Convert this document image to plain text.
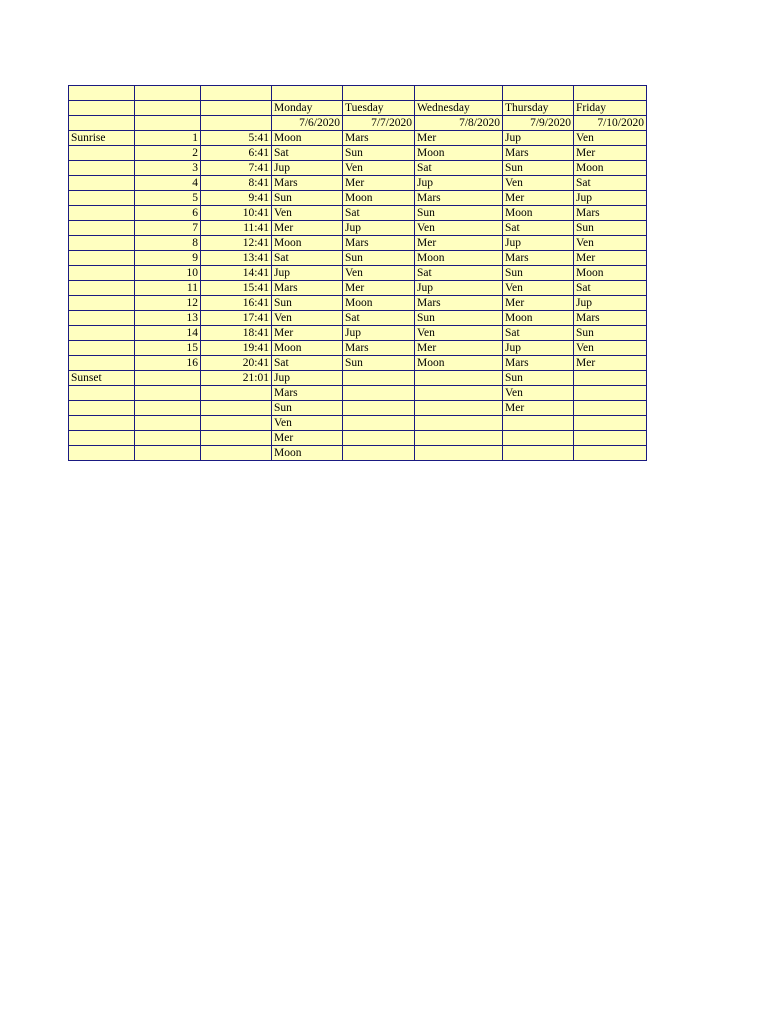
			Monday	Tuesday	Wednesday	Thursday	Friday
			7/6/2020	7/7/2020	7/8/2020	7/9/2020	7/10/2020
Sunrise	1	5:41	Moon	Mars	Mer	Jup	Ven
	2	6:41	Sat	Sun	Moon	Mars	Mer
	3	7:41	Jup	Ven	Sat	Sun	Moon
	4	8:41	Mars	Mer	Jup	Ven	Sat
	5	9:41	Sun	Moon	Mars	Mer	Jup
	6	10:41	Ven	Sat	Sun	Moon	Mars
	7	11:41	Mer	Jup	Ven	Sat	Sun
	8	12:41	Moon	Mars	Mer	Jup	Ven
	9	13:41	Sat	Sun	Moon	Mars	Mer
	10	14:41	Jup	Ven	Sat	Sun	Moon
	11	15:41	Mars	Mer	Jup	Ven	Sat
	12	16:41	Sun	Moon	Mars	Mer	Jup
	13	17:41	Ven	Sat	Sun	Moon	Mars
	14	18:41	Mer	Jup	Ven	Sat	Sun
	15	19:41	Moon	Mars	Mer	Jup	Ven
	16	20:41	Sat	Sun	Moon	Mars	Mer
Sunset		21:01	Jup			Sun	
			Mars			Ven	
			Sun			Mer	
			Ven				
			Mer				
			Moon				
